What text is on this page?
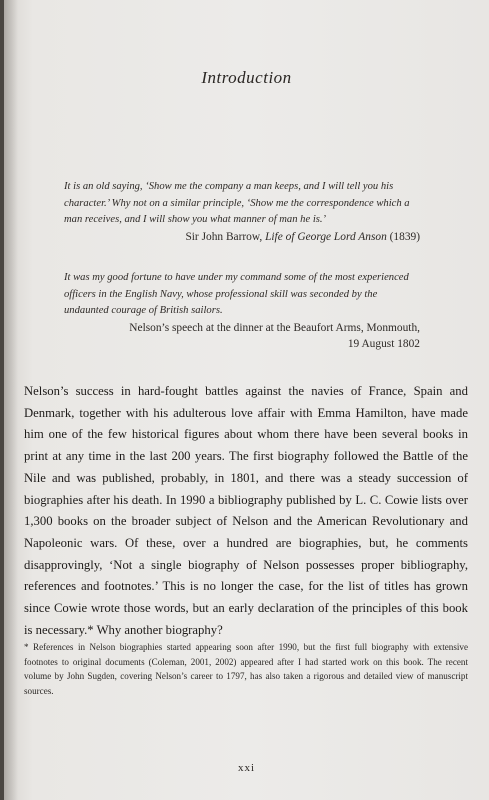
Introduction

It is an old saying, ‘Show me the company a man keeps, and I will tell you his character.’ Why not on a similar principle, ‘Show me the correspondence which a man receives, and I will show you what manner of man he is.’

Sir John Barrow, Life of George Lord Anson (1839)

It was my good fortune to have under my command some of the most experienced officers in the English Navy, whose professional skill was seconded by the undaunted courage of British sailors.

Nelson’s speech at the dinner at the Beaufort Arms, Monmouth,

19 August 1802

Nelson’s success in hard-fought battles against the navies of France, Spain and Denmark, together with his adulterous love affair with Emma Hamilton, have made him one of the few historical figures about whom there have been several books in print at any time in the last 200 years. The first biography followed the Battle of the Nile and was published, probably, in 1801, and there was a steady succession of biographies after his death. In 1990 a bibliography published by L. C. Cowie lists over 1,300 books on the broader subject of Nelson and the American Revolutionary and Napoleonic wars. Of these, over a hundred are biographies, but, he comments disapprovingly, ‘Not a single biography of Nelson possesses proper bibliography, references and footnotes.’ This is no longer the case, for the list of titles has grown since Cowie wrote those words, but an early declaration of the principles of this book is necessary.* Why another biography?

* References in Nelson biographies started appearing soon after 1990, but the first full biography with extensive footnotes to original documents (Coleman, 2001, 2002) appeared after I had started work on this book. The recent volume by John Sugden, covering Nelson’s career to 1797, has also taken a rigorous and detailed view of manuscript sources.

xxi
